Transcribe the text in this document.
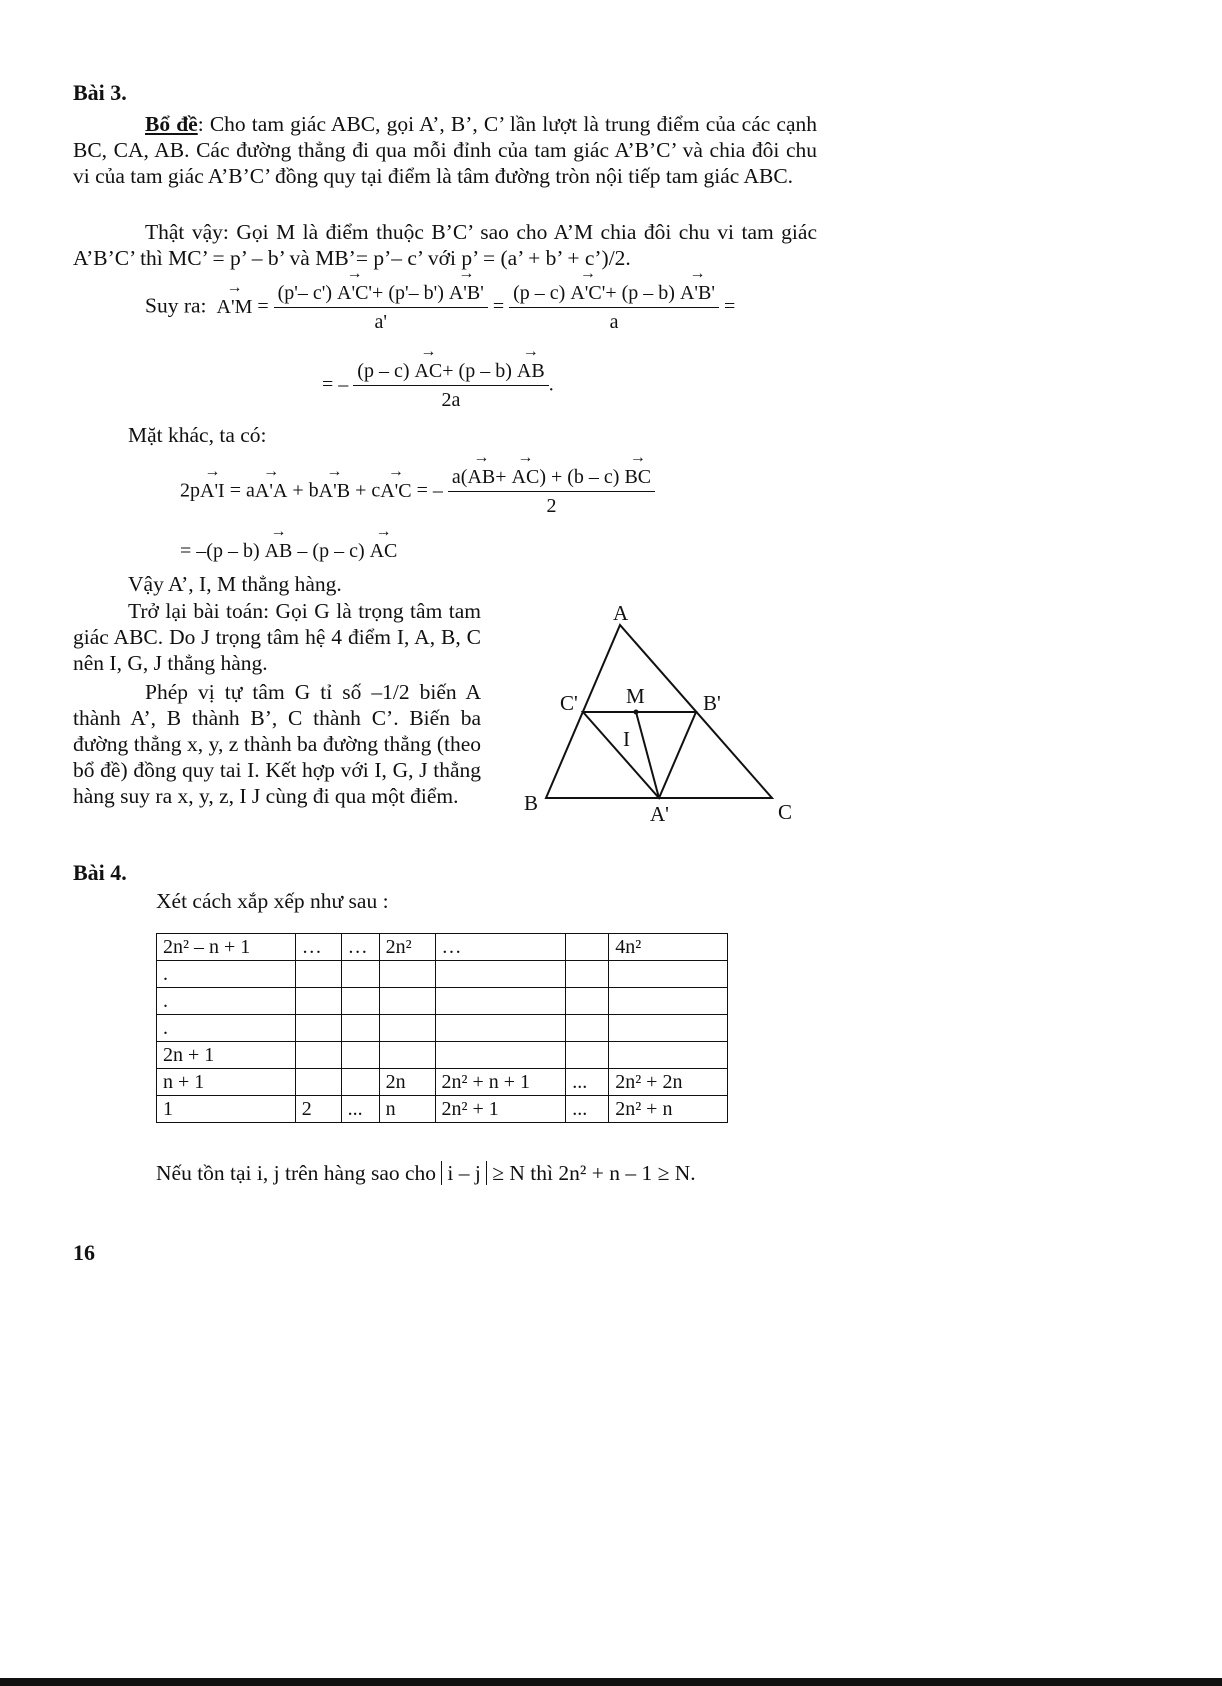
Bài 3.
Bổ đề: Cho tam giác ABC, gọi A’, B’, C’ lần lượt là trung điểm của các cạnh BC, CA, AB. Các đường thẳng đi qua mỗi đỉnh của tam giác A’B’C’ và chia đôi chu vi của tam giác A’B’C’ đồng quy tại điểm là tâm đường tròn nội tiếp tam giác ABC.
Thật vậy: Gọi M là điểm thuộc B’C’ sao cho A’M chia đôi chu vi tam giác A’B’C’ thì MC’ = p’ – b’ và MB’= p’– c’ với p’ = (a’ + b’ + c’)/2.
Suy ra: → $A'M = \frac{(p'- c') \to A'C'+ (p'- b') \to A'B'}{a'} = \frac{(p - c) \to A'C'+ (p - b) \to A'B'}{a}$ =
= – $\frac{(p - c) \to AC+ (p - b) \to AB}{2a}$ .
Mặt khác, ta có:
2p→ A'I = a→ A'A + b→ A'B + c→ A'C = – $\frac{a(\to AB+ \to AC) + (b - c) \to BC}{2}$
= –(p – b) → AB – (p – c) → AC
Vậy A’, I, M thẳng hàng.
Trở lại bài toán: Gọi G là trọng tâm tam giác ABC. Do J trọng tâm hệ 4 điểm I, A, B, C nên I, G, J thẳng hàng.
Phép vị tự tâm G tỉ số –1/2 biến A thành A’, B thành B’, C thành C’. Biến ba đường thẳng x, y, z thành ba đường thẳng (theo bổ đề) đồng quy tai I. Kết hợp với I, G, J thẳng hàng suy ra x, y, z, I J cùng đi qua một điểm.
A
B	C
A'
B'
C' M
I
Bài 4.
Xét cách xắp xếp như sau :
2n² – n + 1	…	…	2n²	…		4n²
.						
.						
.						
2n + 1						
n + 1			2n	2n² + n + 1	...	2n² + 2n
1	2	...	n	2n² + 1	...	2n² + n
Nếu tồn tại i, j trên hàng sao cho i – j ≥ N thì 2n² + n – 1 ≥ N.
16
